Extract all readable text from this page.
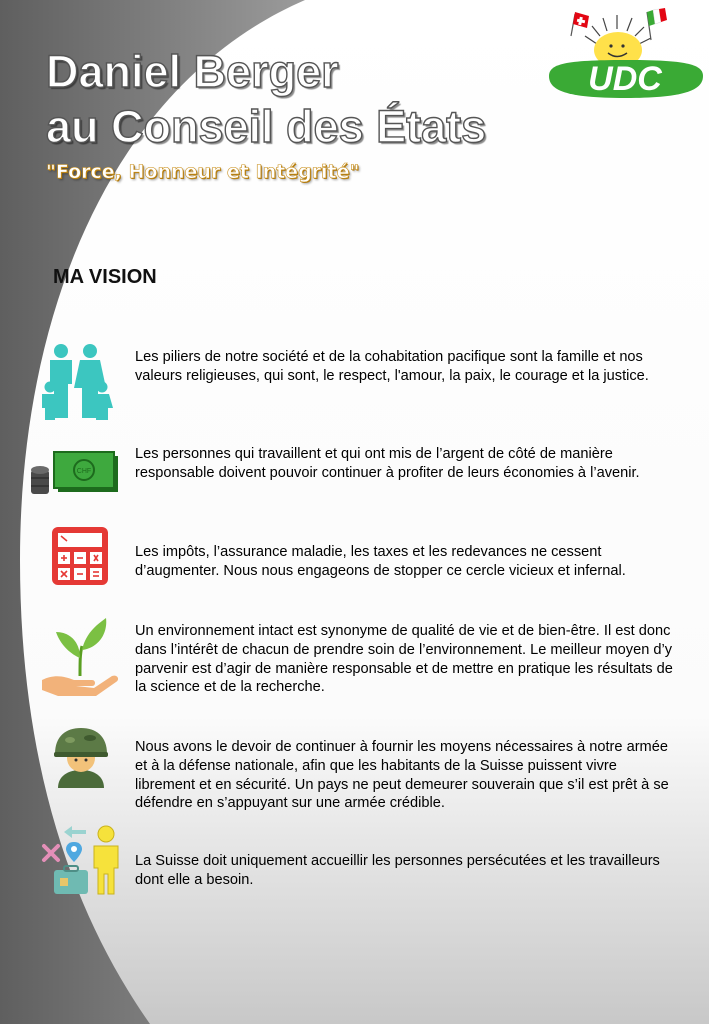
Daniel Berger
au Conseil des États
"Force, Honneur et Intégrité"
UDC
MA VISION

Les piliers de notre société et de la cohabitation pacifique sont la famille et nos valeurs religieuses, qui sont, le respect, l'amour, la paix, le courage et la justice.

CHF

Les personnes qui travaillent et qui ont mis de l’argent de côté de manière responsable doivent pouvoir continuer à profiter de leurs économies à l’avenir.

Les impôts, l’assurance maladie, les taxes et les redevances ne cessent d’augmenter. Nous nous engageons de stopper ce cercle vicieux et infernal.

Un environnement intact est synonyme de qualité de vie et de bien-être. Il est donc dans l’intérêt de chacun de prendre soin de l’environnement. Le meilleur moyen d’y parvenir est d’agir de manière responsable et de mettre en pratique les résultats de la science et de la recherche.

Nous avons le devoir de continuer à fournir les moyens nécessaires à notre armée et à la défense nationale, afin que les habitants de la Suisse puissent vivre librement et en sécurité. Un pays ne peut demeurer souverain que s’il est prêt à se défendre en s’appuyant sur une armée crédible.

La Suisse doit uniquement accueillir les personnes persécutées et les travailleurs dont elle a besoin.
